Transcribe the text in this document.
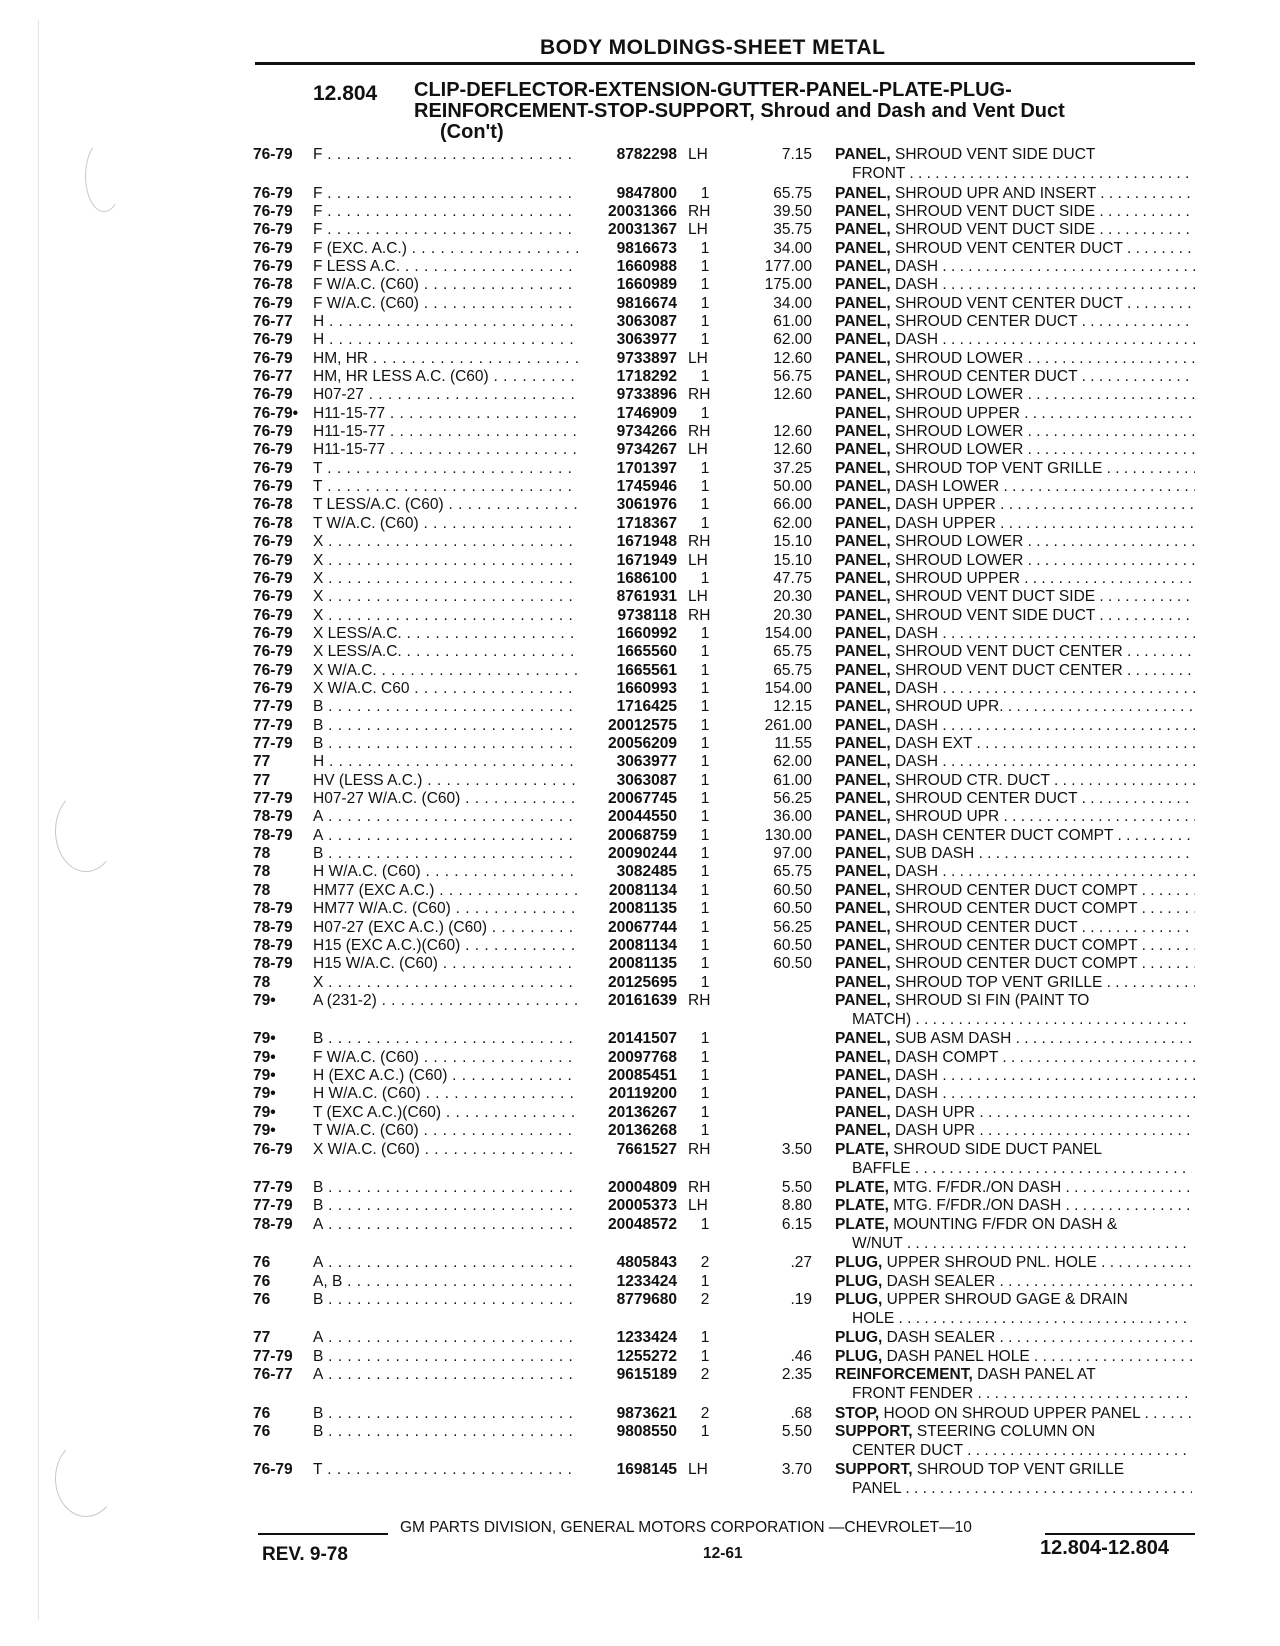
BODY MOLDINGS-SHEET METAL
12.804 CLIP-DEFLECTOR-EXTENSION-GUTTER-PANEL-PLATE-PLUG-
REINFORCEMENT-STOP-SUPPORT, Shroud and Dash and Vent Duct
(Con't)
76-79 F . . .	8782298 LH	7.15 PANEL, SHROUD VENT SIDE DUCT
FRONT . . .
76-79 F . . .	9847800	1	65.75 PANEL, SHROUD UPR AND INSERT . . .
76-79 F . . .	20031366 RH	39.50 PANEL, SHROUD VENT DUCT SIDE . . .
76-79 F . . .	20031367 LH	35.75 PANEL, SHROUD VENT DUCT SIDE . . .
76-79 F (EXC. A.C.) . . .	9816673	1	34.00 PANEL, SHROUD VENT CENTER DUCT . . .
76-79 F LESS A.C. . . .	1660988	1	177.00 PANEL, DASH . . .
76-78 F W/A.C. (C60) . . .	1660989	1	175.00 PANEL, DASH . . .
76-79 F W/A.C. (C60) . . .	9816674	1	34.00 PANEL, SHROUD VENT CENTER DUCT . . .
76-77 H . . .	3063087	1	61.00 PANEL, SHROUD CENTER DUCT . . .
76-79 H . . .	3063977	1	62.00 PANEL, DASH . . .
76-79 HM, HR . . .	9733897 LH	12.60 PANEL, SHROUD LOWER . . .
76-77 HM, HR LESS A.C. (C60) . . .	1718292	1	56.75 PANEL, SHROUD CENTER DUCT . . .
76-79 H07-27 . . .	9733896 RH	12.60 PANEL, SHROUD LOWER . . .
76-79• H11-15-77 . . .	1746909	1	PANEL, SHROUD UPPER . . .
76-79 H11-15-77 . . .	9734266 RH	12.60 PANEL, SHROUD LOWER . . .
76-79 H11-15-77 . . .	9734267 LH	12.60 PANEL, SHROUD LOWER . . .
76-79 T . . .	1701397	1	37.25 PANEL, SHROUD TOP VENT GRILLE . . .
76-79 T . . .	1745946	1	50.00 PANEL, DASH LOWER . . .
76-78 T LESS/A.C. (C60) . . .	3061976	1	66.00 PANEL, DASH UPPER . . .
76-78 T W/A.C. (C60) . . .	1718367	1	62.00 PANEL, DASH UPPER . . .
76-79 X . . .	1671948 RH	15.10 PANEL, SHROUD LOWER . . .
76-79 X . . .	1671949 LH	15.10 PANEL, SHROUD LOWER . . .
76-79 X . . .	1686100	1	47.75 PANEL, SHROUD UPPER . . .
76-79 X . . .	8761931 LH	20.30 PANEL, SHROUD VENT DUCT SIDE . . .
76-79 X . . .	9738118 RH	20.30 PANEL, SHROUD VENT SIDE DUCT . . .
76-79 X LESS/A.C. . . .	1660992	1	154.00 PANEL, DASH . . .
76-79 X LESS/A.C. . . .	1665560	1	65.75 PANEL, SHROUD VENT DUCT CENTER . . .
76-79 X W/A.C. . . .	1665561	1	65.75 PANEL, SHROUD VENT DUCT CENTER . . .
76-79 X W/A.C. C60 . . .	1660993	1	154.00 PANEL, DASH . . .
77-79 B . . .	1716425	1	12.15 PANEL, SHROUD UPR. . . .
77-79 B . . .	20012575	1	261.00 PANEL, DASH . . .
77-79 B . . .	20056209	1	11.55 PANEL, DASH EXT . . .
77	H . . .	3063977	1	62.00 PANEL, DASH . . .
77	HV (LESS A.C.) . . .	3063087	1	61.00 PANEL, SHROUD CTR. DUCT . . .
77-79 H07-27 W/A.C. (C60) . . .	20067745	1	56.25 PANEL, SHROUD CENTER DUCT . . .
78-79 A . . .	20044550	1	36.00 PANEL, SHROUD UPR . . .
78-79 A . . .	20068759	1	130.00 PANEL, DASH CENTER DUCT COMPT . . .
78	B . . .	20090244	1	97.00 PANEL, SUB DASH . . .
78	H W/A.C. (C60) . . .	3082485	1	65.75 PANEL, DASH . . .
78	HM77 (EXC A.C.) . . .	20081134	1	60.50 PANEL, SHROUD CENTER DUCT COMPT . . .
78-79 HM77 W/A.C. (C60) . . .	20081135	1	60.50 PANEL, SHROUD CENTER DUCT COMPT . . .
78-79 H07-27 (EXC A.C.) (C60) . . .	20067744	1	56.25 PANEL, SHROUD CENTER DUCT . . .
78-79 H15 (EXC A.C.)(C60) . . .	20081134	1	60.50 PANEL, SHROUD CENTER DUCT COMPT . . .
78-79 H15 W/A.C. (C60) . . .	20081135	1	60.50 PANEL, SHROUD CENTER DUCT COMPT . . .
78	X . . .	20125695	1	PANEL, SHROUD TOP VENT GRILLE . . .
79• A (231-2) . . .	20161639 RH	PANEL, SHROUD SI FIN (PAINT TO
MATCH) . . .
79• B . . .	20141507	1	PANEL, SUB ASM DASH . . .
79• F W/A.C. (C60) . . .	20097768	1	PANEL, DASH COMPT . . .
79• H (EXC A.C.) (C60) . . .	20085451	1	PANEL, DASH . . .
79• H W/A.C. (C60) . . .	20119200	1	PANEL, DASH . . .
79• T (EXC A.C.)(C60) . . .	20136267	1	PANEL, DASH UPR . . .
79• T W/A.C. (C60) . . .	20136268	1	PANEL, DASH UPR . . .
76-79 X W/A.C. (C60) . . .	7661527 RH	3.50 PLATE, SHROUD SIDE DUCT PANEL
BAFFLE . . .
77-79 B . . .	20004809 RH	5.50 PLATE, MTG. F/FDR./ON DASH . . .
77-79 B . . .	20005373 LH	8.80 PLATE, MTG. F/FDR./ON DASH . . .
78-79 A . . .	20048572	1	6.15 PLATE, MOUNTING F/FDR ON DASH &
W/NUT . . .
76	A . . .	4805843	2	.27 PLUG, UPPER SHROUD PNL. HOLE . . .
76	A, B . . .	1233424	1	PLUG, DASH SEALER . . .
76	B . . .	8779680	2	.19 PLUG, UPPER SHROUD GAGE & DRAIN
HOLE . . .
77	A . . .	1233424	1	PLUG, DASH SEALER . . .
77-79 B . . .	1255272	1	.46 PLUG, DASH PANEL HOLE . . .
76-77 A . . .	9615189	2	2.35 REINFORCEMENT, DASH PANEL AT
FRONT FENDER . . .
76	B . . .	9873621	2	.68 STOP, HOOD ON SHROUD UPPER PANEL . . .
76	B . . .	9808550	1	5.50 SUPPORT, STEERING COLUMN ON
CENTER DUCT . . .
76-79 T . . .	1698145 LH	3.70 SUPPORT, SHROUD TOP VENT GRILLE
PANEL . . .
GM PARTS DIVISION, GENERAL MOTORS CORPORATION —CHEVROLET—10
REV. 9-78	12-61	12.804-12.804
